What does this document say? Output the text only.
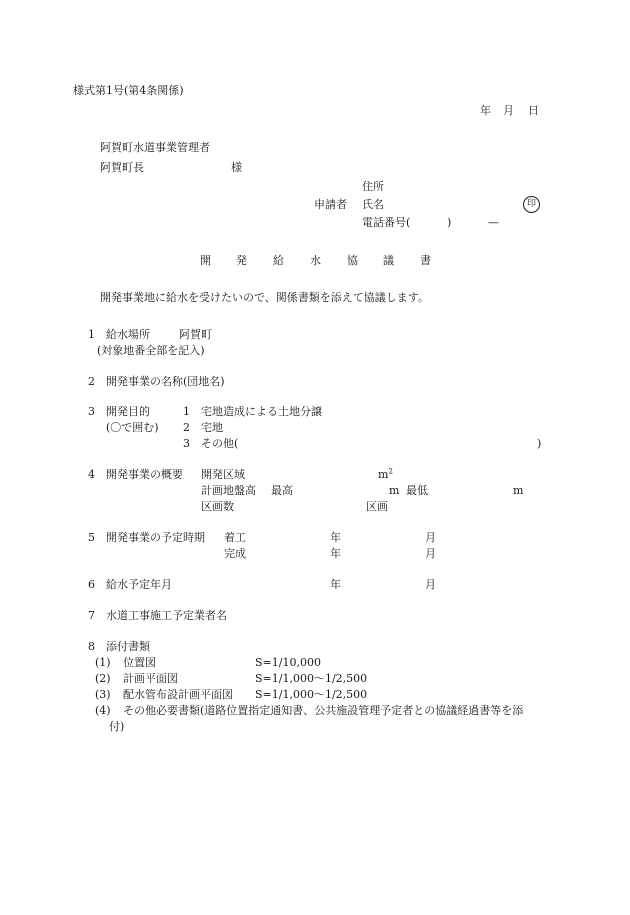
様式第1号(第4条関係)
年 月 日
阿賀町水道事業管理者
阿賀町長	様
住所
申請者 氏名	印
電話番号(	)	—
開 発 給 水 協 議 書
開発事業地に給水を受けたいので、関係書類を添えて協議します。
1 給水場所	阿賀町
(対象地番全部を記入)
2 開発事業の名称(団地名)
3 開発目的	1 宅地造成による土地分譲
(〇で囲む) 2 宅地
3 その他(	)
4 開発事業の概要 開発区域	$m^2$
計画地盤高 最高	m 最低	m
区画数	区画
5 開発事業の予定時期 着工	年	月
完成	年	月
6 給水予定年月	年	月
7 水道工事施工予定業者名
8 添付書類
(1) 位置図	S=1/10,000
(2) 計画平面図	S=1/1,000〜1/2,500
(3) 配水管布設計画平面図 S=1/1,000〜1/2,500
(4) その他必要書類(道路位置指定通知書、公共施設管理予定者との協議経過書等を添
付)
